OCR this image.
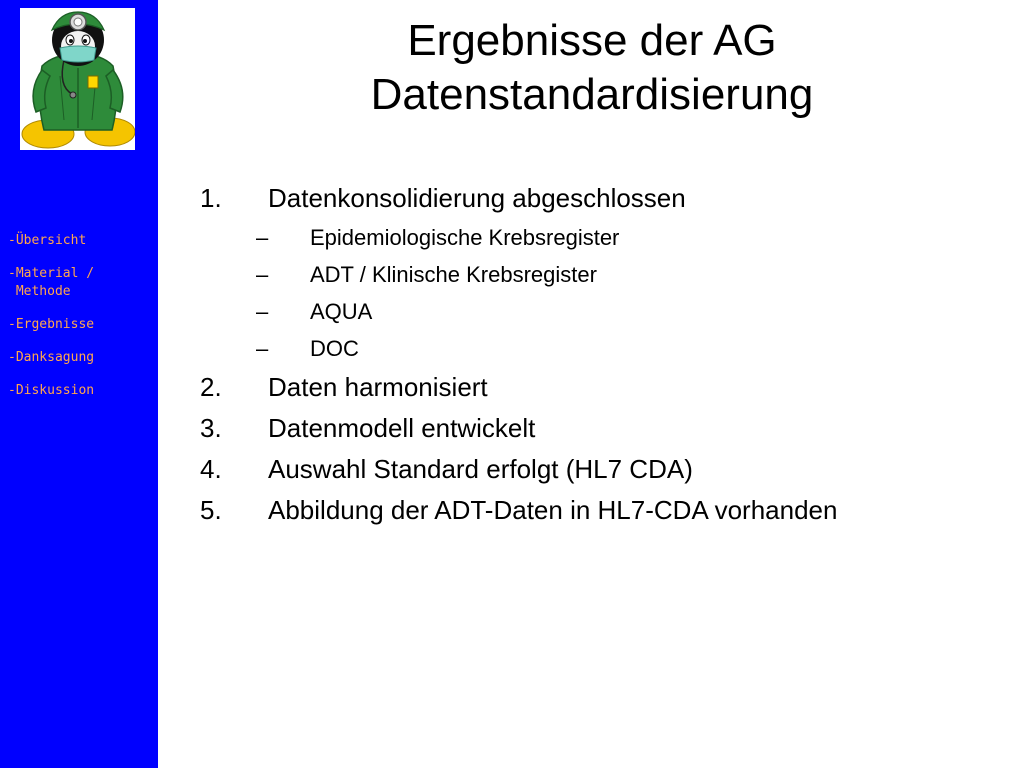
- Übersicht
- Material / Methode
- Ergebnisse
- Danksagung
- Diskussion
Ergebnisse der AG
Datenstandardisierung
1.	Datenkonsolidierung abgeschlossen
–	Epidemiologische Krebsregister
–	ADT / Klinische Krebsregister
–	AQUA
–	DOC
2.	Daten harmonisiert
3.	Datenmodell entwickelt
4.	Auswahl Standard erfolgt (HL7 CDA)
5.	Abbildung der ADT-Daten in HL7-CDA vorhanden
